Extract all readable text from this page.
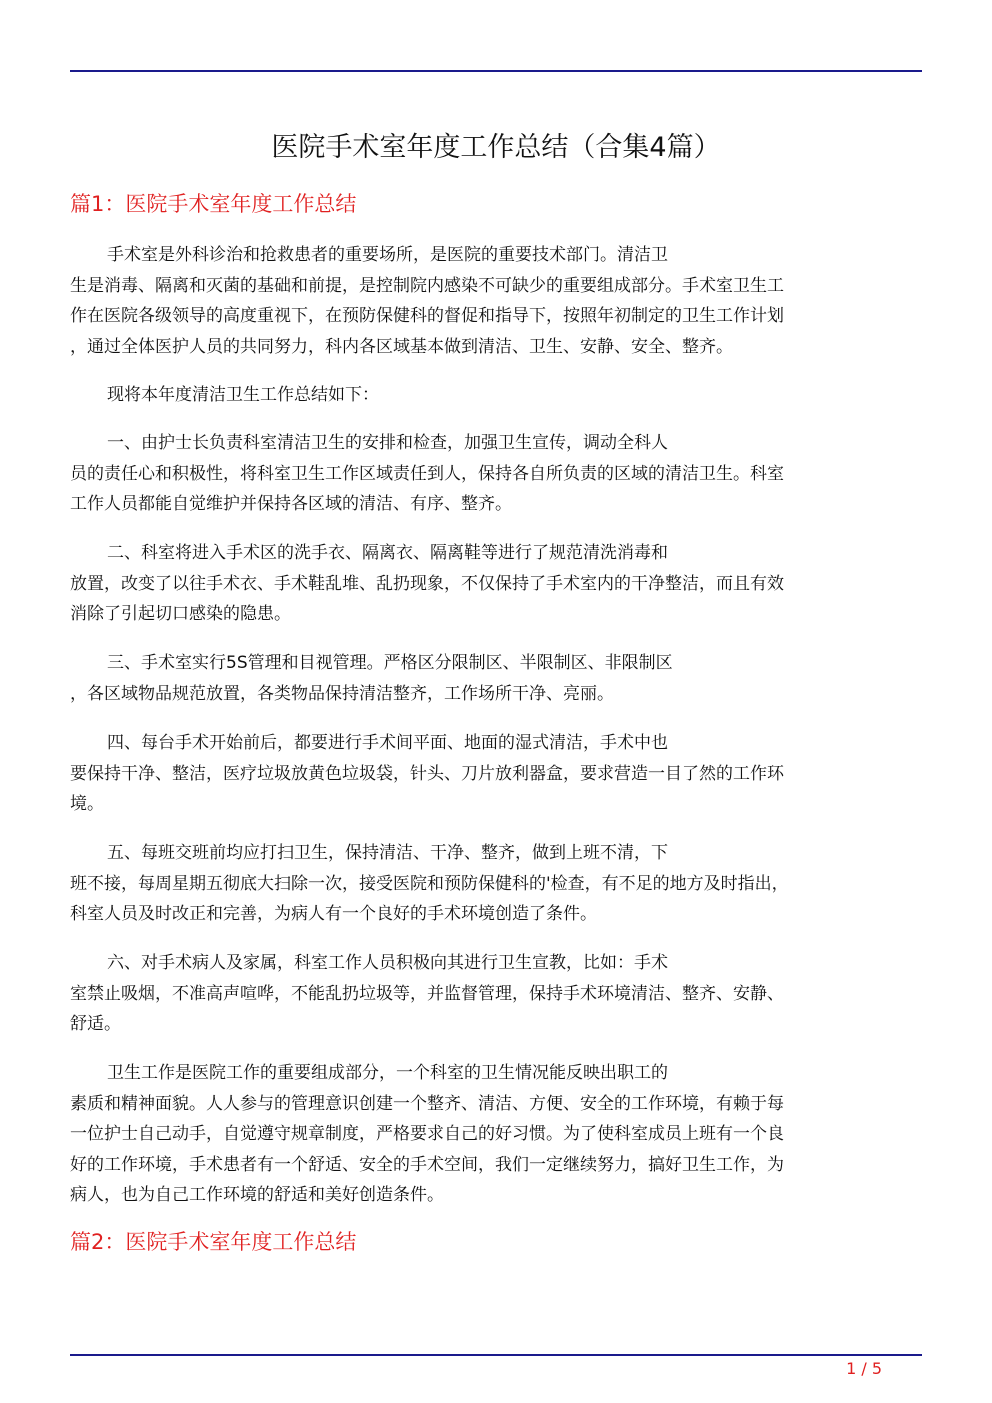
医院手术室年度工作总结（合集4篇）
篇1：医院手术室年度工作总结
手术室是外科诊治和抢救患者的重要场所，是医院的重要技术部门。清洁卫
生是消毒、隔离和灭菌的基础和前提，是控制院内感染不可缺少的重要组成部分。手术室卫生工
作在医院各级领导的高度重视下，在预防保健科的督促和指导下，按照年初制定的卫生工作计划
，通过全体医护人员的共同努力，科内各区域基本做到清洁、卫生、安静、安全、整齐。
现将本年度清洁卫生工作总结如下：
一、由护士长负责科室清洁卫生的安排和检查，加强卫生宣传，调动全科人
员的责任心和积极性，将科室卫生工作区域责任到人，保持各自所负责的区域的清洁卫生。科室
工作人员都能自觉维护并保持各区域的清洁、有序、整齐。
二、科室将进入手术区的洗手衣、隔离衣、隔离鞋等进行了规范清洗消毒和
放置，改变了以往手术衣、手术鞋乱堆、乱扔现象，不仅保持了手术室内的干净整洁，而且有效
消除了引起切口感染的隐患。
三、手术室实行5S管理和目视管理。严格区分限制区、半限制区、非限制区
，各区域物品规范放置，各类物品保持清洁整齐，工作场所干净、亮丽。
四、每台手术开始前后，都要进行手术间平面、地面的湿式清洁，手术中也
要保持干净、整洁，医疗垃圾放黄色垃圾袋，针头、刀片放利器盒，要求营造一目了然的工作环
境。
五、每班交班前均应打扫卫生，保持清洁、干净、整齐，做到上班不清，下
班不接，每周星期五彻底大扫除一次，接受医院和预防保健科的'检查，有不足的地方及时指出，
科室人员及时改正和完善，为病人有一个良好的手术环境创造了条件。
六、对手术病人及家属，科室工作人员积极向其进行卫生宣教，比如：手术
室禁止吸烟，不准高声喧哗，不能乱扔垃圾等，并监督管理，保持手术环境清洁、整齐、安静、
舒适。
卫生工作是医院工作的重要组成部分，一个科室的卫生情况能反映出职工的
素质和精神面貌。人人参与的管理意识创建一个整齐、清洁、方便、安全的工作环境，有赖于每
一位护士自己动手，自觉遵守规章制度，严格要求自己的好习惯。为了使科室成员上班有一个良
好的工作环境，手术患者有一个舒适、安全的手术空间，我们一定继续努力，搞好卫生工作，为
病人，也为自己工作环境的舒适和美好创造条件。
篇2：医院手术室年度工作总结
1 / 5
